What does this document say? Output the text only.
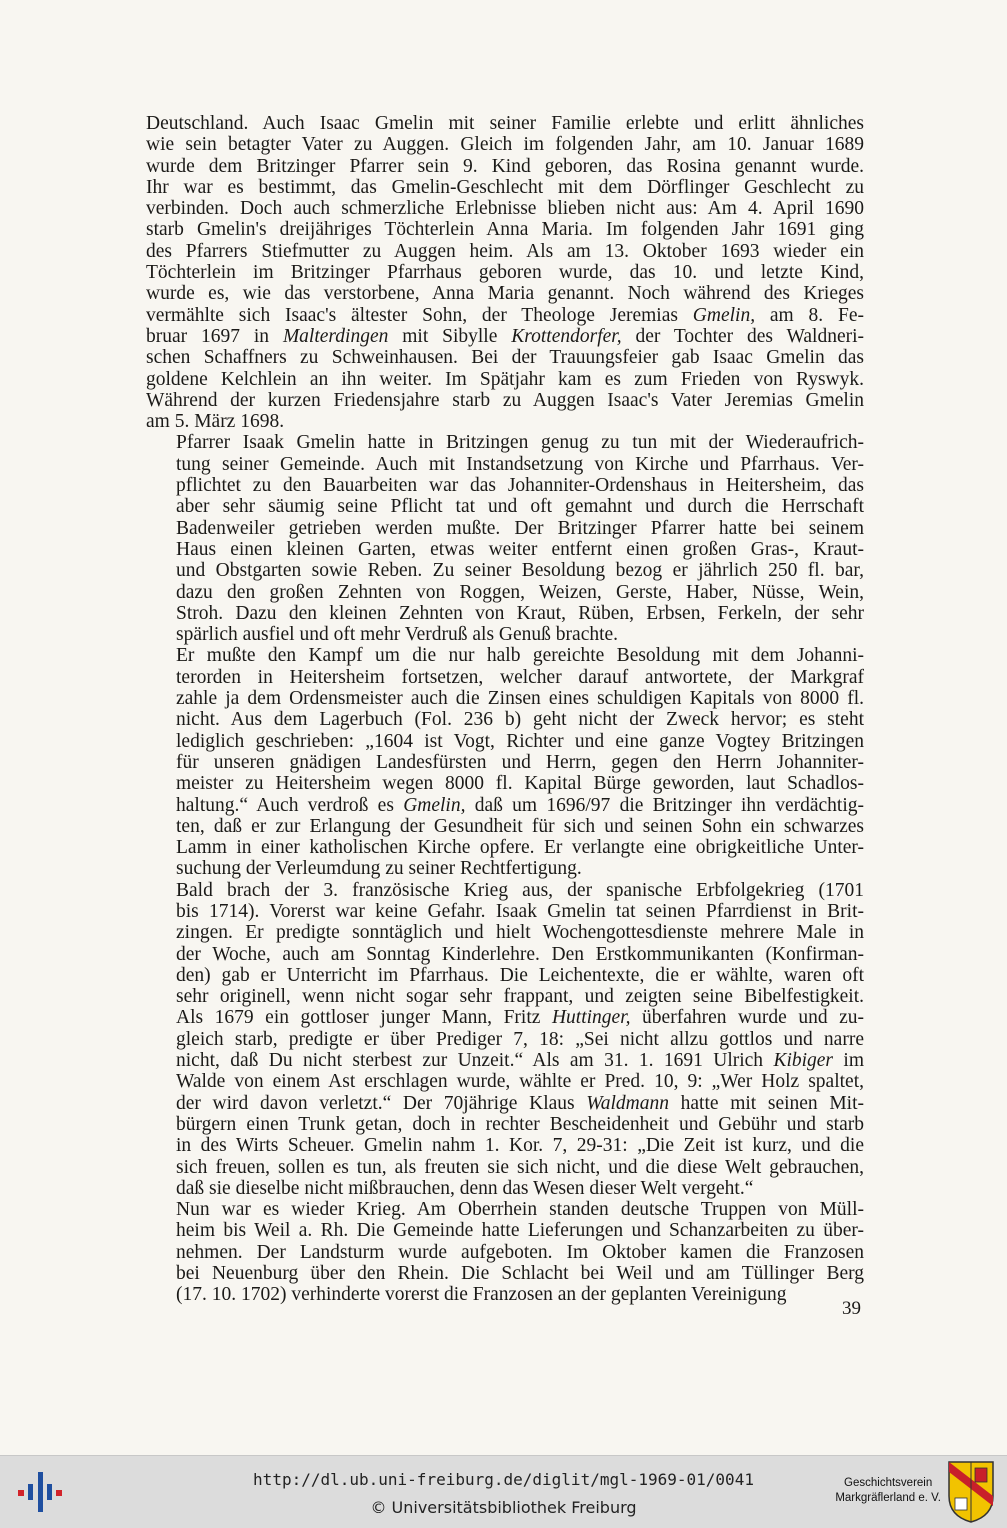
Deutschland. Auch Isaac Gmelin mit seiner Familie erlebte und erlitt ähnliches
wie sein betagter Vater zu Auggen. Gleich im folgenden Jahr, am 10. Januar 1689
wurde dem Britzinger Pfarrer sein 9. Kind geboren, das Rosina genannt wurde.
Ihr war es bestimmt, das Gmelin-Geschlecht mit dem Dörflinger Geschlecht zu
verbinden. Doch auch schmerzliche Erlebnisse blieben nicht aus: Am 4. April 1690
starb Gmelin's dreijähriges Töchterlein Anna Maria. Im folgenden Jahr 1691 ging
des Pfarrers Stiefmutter zu Auggen heim. Als am 13. Oktober 1693 wieder ein
Töchterlein im Britzinger Pfarrhaus geboren wurde, das 10. und letzte Kind,
wurde es, wie das verstorbene, Anna Maria genannt. Noch während des Krieges
vermählte sich Isaac's ältester Sohn, der Theologe Jeremias Gmelin, am 8. Fe-
bruar 1697 in Malterdingen mit Sibylle Krottendorfer, der Tochter des Waldneri-
schen Schaffners zu Schweinhausen. Bei der Trauungsfeier gab Isaac Gmelin das
goldene Kelchlein an ihn weiter. Im Spätjahr kam es zum Frieden von Ryswyk.
Während der kurzen Friedensjahre starb zu Auggen Isaac's Vater Jeremias Gmelin
am 5. März 1698.

Pfarrer Isaak Gmelin hatte in Britzingen genug zu tun mit der Wiederaufrich-
tung seiner Gemeinde. Auch mit Instandsetzung von Kirche und Pfarrhaus. Ver-
pflichtet zu den Bauarbeiten war das Johanniter-Ordenshaus in Heitersheim, das
aber sehr säumig seine Pflicht tat und oft gemahnt und durch die Herrschaft
Badenweiler getrieben werden mußte. Der Britzinger Pfarrer hatte bei seinem
Haus einen kleinen Garten, etwas weiter entfernt einen großen Gras-, Kraut-
und Obstgarten sowie Reben. Zu seiner Besoldung bezog er jährlich 250 fl. bar,
dazu den großen Zehnten von Roggen, Weizen, Gerste, Haber, Nüsse, Wein,
Stroh. Dazu den kleinen Zehnten von Kraut, Rüben, Erbsen, Ferkeln, der sehr
spärlich ausfiel und oft mehr Verdruß als Genuß brachte.

Er mußte den Kampf um die nur halb gereichte Besoldung mit dem Johanni-
terorden in Heitersheim fortsetzen, welcher darauf antwortete, der Markgraf
zahle ja dem Ordensmeister auch die Zinsen eines schuldigen Kapitals von 8000 fl.
nicht. Aus dem Lagerbuch (Fol. 236 b) geht nicht der Zweck hervor; es steht
lediglich geschrieben: „1604 ist Vogt, Richter und eine ganze Vogtey Britzingen
für unseren gnädigen Landesfürsten und Herrn, gegen den Herrn Johanniter-
meister zu Heitersheim wegen 8000 fl. Kapital Bürge geworden, laut Schadlos-
haltung.“ Auch verdroß es Gmelin, daß um 1696/97 die Britzinger ihn verdächtig-
ten, daß er zur Erlangung der Gesundheit für sich und seinen Sohn ein schwarzes
Lamm in einer katholischen Kirche opfere. Er verlangte eine obrigkeitliche Unter-
suchung der Verleumdung zu seiner Rechtfertigung.

Bald brach der 3. französische Krieg aus, der spanische Erbfolgekrieg (1701
bis 1714). Vorerst war keine Gefahr. Isaak Gmelin tat seinen Pfarrdienst in Brit-
zingen. Er predigte sonntäglich und hielt Wochengottesdienste mehrere Male in
der Woche, auch am Sonntag Kinderlehre. Den Erstkommunikanten (Konfirman-
den) gab er Unterricht im Pfarrhaus. Die Leichentexte, die er wählte, waren oft
sehr originell, wenn nicht sogar sehr frappant, und zeigten seine Bibelfestigkeit.
Als 1679 ein gottloser junger Mann, Fritz Huttinger, überfahren wurde und zu-
gleich starb, predigte er über Prediger 7, 18: „Sei nicht allzu gottlos und narre
nicht, daß Du nicht sterbest zur Unzeit.“ Als am 31. 1. 1691 Ulrich Kibiger im
Walde von einem Ast erschlagen wurde, wählte er Pred. 10, 9: „Wer Holz spaltet,
der wird davon verletzt.“ Der 70jährige Klaus Waldmann hatte mit seinen Mit-
bürgern einen Trunk getan, doch in rechter Bescheidenheit und Gebühr und starb
in des Wirts Scheuer. Gmelin nahm 1. Kor. 7, 29-31: „Die Zeit ist kurz, und die
sich freuen, sollen es tun, als freuten sie sich nicht, und die diese Welt gebrauchen,
daß sie dieselbe nicht mißbrauchen, denn das Wesen dieser Welt vergeht.“

Nun war es wieder Krieg. Am Oberrhein standen deutsche Truppen von Müll-
heim bis Weil a. Rh. Die Gemeinde hatte Lieferungen und Schanzarbeiten zu über-
nehmen. Der Landsturm wurde aufgeboten. Im Oktober kamen die Franzosen
bei Neuenburg über den Rhein. Die Schlacht bei Weil und am Tüllinger Berg
(17. 10. 1702) verhinderte vorerst die Franzosen an der geplanten Vereinigung

39
http://dl.ub.uni-freiburg.de/diglit/mgl-1969-01/0041
© Universitätsbibliothek Freiburg
Geschichtsverein
Markgräflerland e. V.
